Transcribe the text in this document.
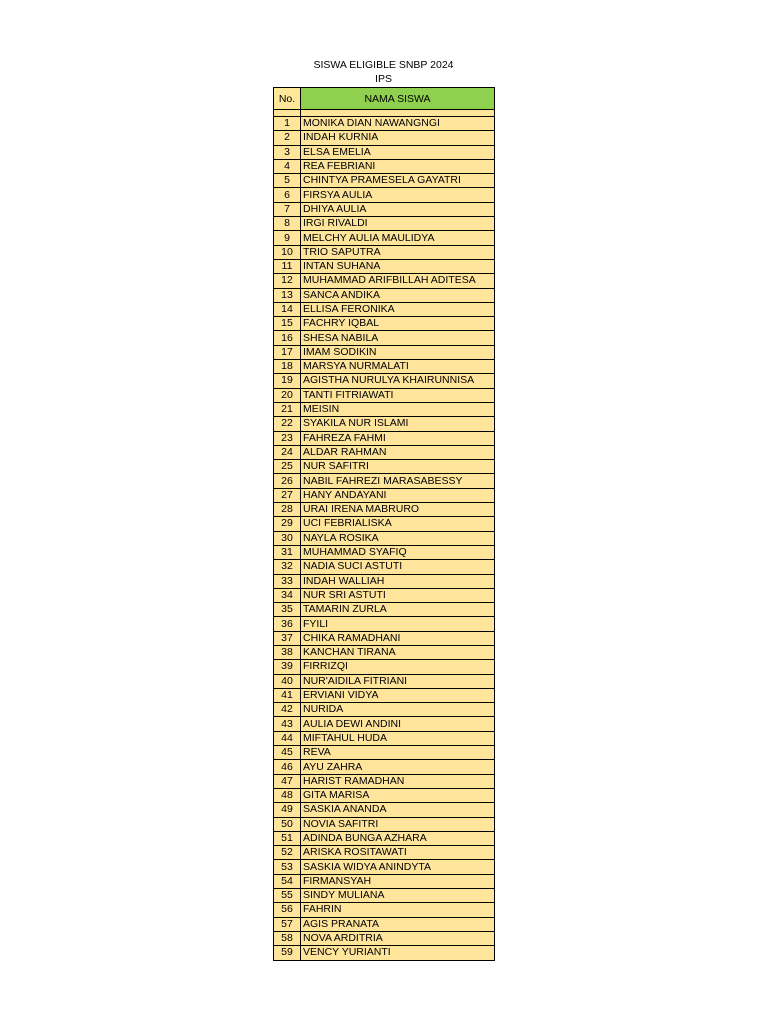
SISWA ELIGIBLE SNBP 2024
IPS
No.	NAMA SISWA

1	MONIKA DIAN NAWANGNGI
2	INDAH KURNIA
3	ELSA EMELIA
4	REA FEBRIANI
5	CHINTYA PRAMESELA GAYATRI
6	FIRSYA AULIA
7	DHIYA AULIA
8	IRGI RIVALDI
9	MELCHY AULIA MAULIDYA
10	TRIO SAPUTRA
11	INTAN SUHANA
12	MUHAMMAD ARIFBILLAH ADITESA
13	SANCA ANDIKA
14	ELLISA FERONIKA
15	FACHRY IQBAL
16	SHESA NABILA
17	IMAM SODIKIN
18	MARSYA NURMALATI
19	AGISTHA NURULYA KHAIRUNNISA
20	TANTI FITRIAWATI
21	MEISIN
22	SYAKILA NUR ISLAMI
23	FAHREZA FAHMI
24	ALDAR RAHMAN
25	NUR SAFITRI
26	NABIL FAHREZI MARASABESSY
27	HANY ANDAYANI
28	URAI IRENA MABRURO
29	UCI FEBRIALISKA
30	NAYLA ROSIKA
31	MUHAMMAD SYAFIQ
32	NADIA SUCI ASTUTI
33	INDAH WALLIAH
34	NUR SRI ASTUTI
35	TAMARIN ZURLA
36	FYILI
37	CHIKA RAMADHANI
38	KANCHAN TIRANA
39	FIRRIZQI
40	NUR'AIDILA FITRIANI
41	ERVIANI VIDYA
42	NURIDA
43	AULIA DEWI ANDINI
44	MIFTAHUL HUDA
45	REVA
46	AYU ZAHRA
47	HARIST RAMADHAN
48	GITA MARISA
49	SASKIA ANANDA
50	NOVIA SAFITRI
51	ADINDA BUNGA AZHARA
52	ARISKA ROSITAWATI
53	SASKIA WIDYA ANINDYTA
54	FIRMANSYAH
55	SINDY MULIANA
56	FAHRIN
57	AGIS PRANATA
58	NOVA ARDITRIA
59	VENCY YURIANTI
